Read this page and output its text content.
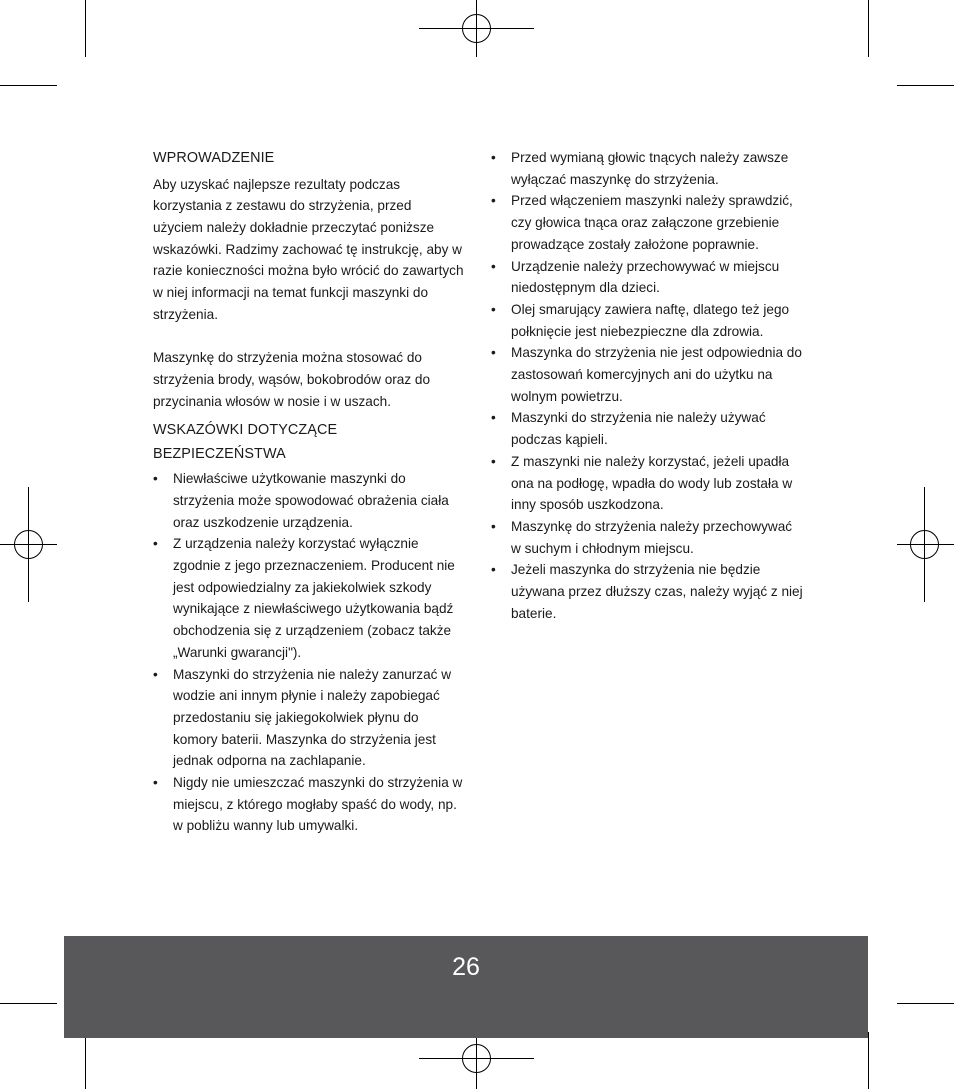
WPROWADZENIE

Aby uzyskać najlepsze rezultaty podczas korzystania z zestawu do strzyżenia, przed użyciem należy dokładnie przeczytać poniższe wskazówki. Radzimy zachować tę instrukcję, aby w razie konieczności można było wrócić do zawartych w niej informacji na temat funkcji maszynki do strzyżenia.

Maszynkę do strzyżenia można stosować do strzyżenia brody, wąsów, bokobrodów oraz do przycinania włosów w nosie i w uszach.

WSKAZÓWKI DOTYCZĄCE
BEZPIECZEŃSTWA
• Niewłaściwe użytkowanie maszynki do strzyżenia może spowodować obrażenia ciała oraz uszkodzenie urządzenia.
• Z urządzenia należy korzystać wyłącznie zgodnie z jego przeznaczeniem. Producent nie jest odpowiedzialny za jakiekolwiek szkody wynikające z niewłaściwego użytkowania bądź obchodzenia się z urządzeniem (zobacz także „Warunki gwarancji").
• Maszynki do strzyżenia nie należy zanurzać w wodzie ani innym płynie i należy zapobiegać przedostaniu się jakiegokolwiek płynu do komory baterii. Maszynka do strzyżenia jest jednak odporna na zachlapanie.
• Nigdy nie umieszczać maszynki do strzyżenia w miejscu, z którego mogłaby spaść do wody, np. w pobliżu wanny lub umywalki.
• Przed wymianą głowic tnących należy zawsze wyłączać maszynkę do strzyżenia.
• Przed włączeniem maszynki należy sprawdzić, czy głowica tnąca oraz załączone grzebienie prowadzące zostały założone poprawnie.
• Urządzenie należy przechowywać w miejscu niedostępnym dla dzieci.
• Olej smarujący zawiera naftę, dlatego też jego połknięcie jest niebezpieczne dla zdrowia.
• Maszynka do strzyżenia nie jest odpowiednia do zastosowań komercyjnych ani do użytku na wolnym powietrzu.
• Maszynki do strzyżenia nie należy używać podczas kąpieli.
• Z maszynki nie należy korzystać, jeżeli upadła ona na podłogę, wpadła do wody lub została w inny sposób uszkodzona.
• Maszynkę do strzyżenia należy przechowywać w suchym i chłodnym miejscu.
• Jeżeli maszynka do strzyżenia nie będzie używana przez dłuższy czas, należy wyjąć z niej baterie.
26
